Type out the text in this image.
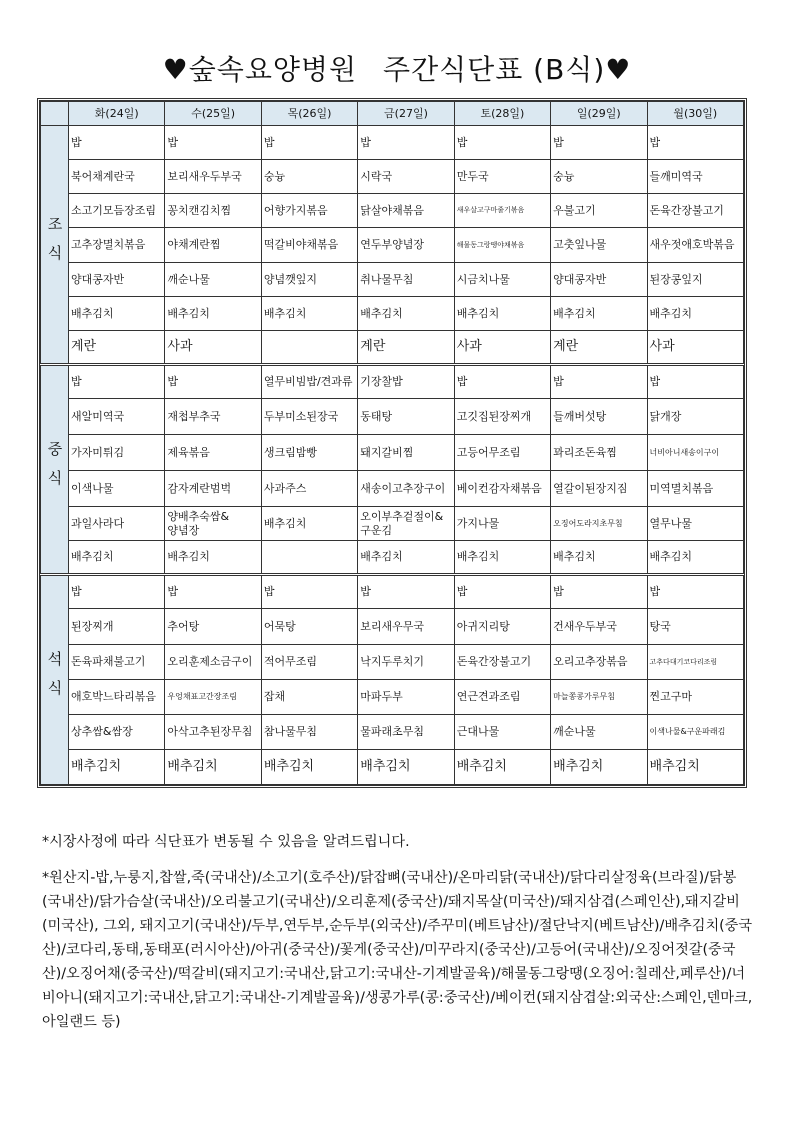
♥숲속요양병원 주간식단표 (B식)♥
	화(24일)	수(25일)	목(26일)	금(27일)	토(28일)	일(29일)	월(30일)
조식	밥	밥	밥	밥	밥	밥	밥
	북어채계란국	보리새우두부국	숭늉	시락국	만두국	숭늉	들깨미역국
	소고기모듬장조림	꽁치캔김치찜	어향가지볶음	닭살야채볶음	새우살고구마줄기볶음	우불고기	돈육간장불고기
	고추장멸치볶음	야채계란찜	떡갈비야채볶음	연두부양념장	해물동그랑땡야채볶음	고춧잎나물	새우젓애호박볶음
	양대콩자반	깨순나물	양념깻잎지	취나물무침	시금치나물	양대콩자반	된장콩잎지
	배추김치	배추김치	배추김치	배추김치	배추김치	배추김치	배추김치
	계란	사과		계란	사과	계란	사과
중식	밥	밥	열무비빔밥/견과류	기장찰밥	밥	밥	밥
	새알미역국	재첩부추국	두부미소된장국	동태탕	고깃집된장찌개	들깨버섯탕	닭개장
	가자미튀김	제육볶음	생크림밤빵	돼지갈비찜	고등어무조림	꽈리조돈육찜	너비아니새송이구이
	이색나물	감자계란범벅	사과주스	새송이고추장구이	베이컨감자채볶음	열갈이된장지짐	미역멸치볶음
	과일사라다	양배추숙쌈&양념장	배추김치	오이부추겉절이&구운김	가지나물	오징어도라지초무침	열무나물
	배추김치	배추김치		배추김치	배추김치	배추김치	배추김치
석식	밥	밥	밥	밥	밥	밥	밥
	된장찌개	추어탕	어묵탕	보리새우무국	아귀지리탕	건새우두부국	탕국
	돈육파채불고기	오리훈제소금구이	적어무조림	낙지두루치기	돈육간장불고기	오리고추장볶음	고추다대기코다리조림
	애호박느타리볶음	우엉채표고간장조림	잡채	마파두부	연근견과조림	마늘쫑콩가루무침	찐고구마
	상추쌈&쌈장	아삭고추된장무침	참나물무침	물파래초무침	근대나물	깨순나물	이색나물&구운파래김
	배추김치	배추김치	배추김치	배추김치	배추김치	배추김치	배추김치

*시장사정에 따라 식단표가 변동될 수 있음을 알려드립니다.

*원산지-밥,누룽지,찹쌀,죽(국내산)/소고기(호주산)/닭잡뼈(국내산)/온마리닭(국내산)/닭다리살정육(브라질)/닭봉(국내산)/닭가슴살(국내산)/오리불고기(국내산)/오리훈제(중국산)/돼지목살(미국산)/돼지삼겹(스페인산),돼지갈비(미국산), 그외, 돼지고기(국내산)/두부,연두부,순두부(외국산)/주꾸미(베트남산)/절단낙지(베트남산)/배추김치(중국산)/코다리,동태,동태포(러시아산)/아귀(중국산)/꽃게(중국산)/미꾸라지(중국산)/고등어(국내산)/오징어젓갈(중국산)/오징어채(중국산)/떡갈비(돼지고기:국내산,닭고기:국내산-기계발골육)/해물동그랑땡(오징어:칠레산,페루산)/너비아니(돼지고기:국내산,닭고기:국내산-기계발골육)/생콩가루(콩:중국산)/베이컨(돼지삼겹살:외국산:스페인,덴마크,아일랜드 등)
